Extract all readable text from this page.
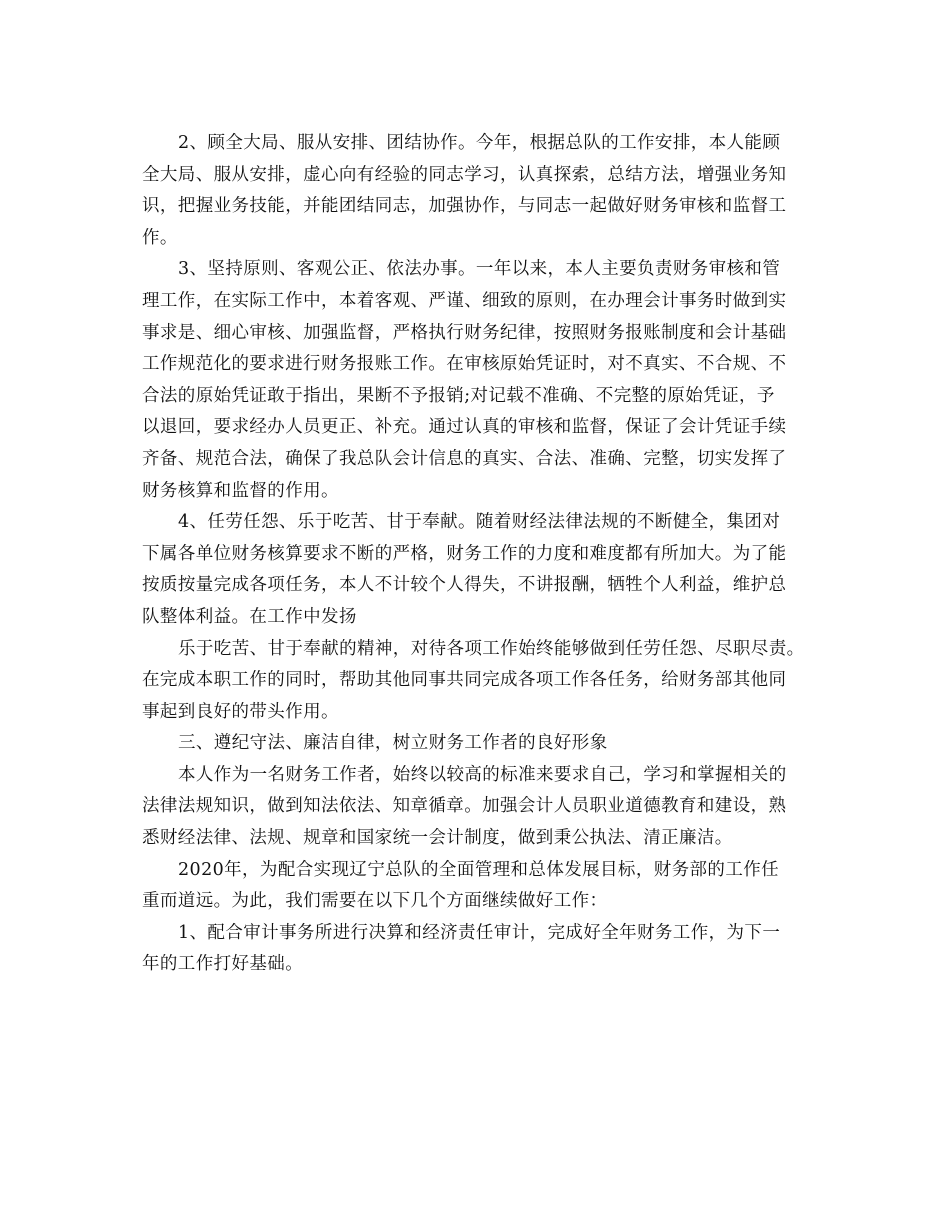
2、顾全大局、服从安排、团结协作。今年，根据总队的工作安排，本人能顾
全大局、服从安排，虚心向有经验的同志学习，认真探索，总结方法，增强业务知
识，把握业务技能，并能团结同志，加强协作，与同志一起做好财务审核和监督工
作。
3、坚持原则、客观公正、依法办事。一年以来，本人主要负责财务审核和管
理工作，在实际工作中，本着客观、严谨、细致的原则，在办理会计事务时做到实
事求是、细心审核、加强监督，严格执行财务纪律，按照财务报账制度和会计基础
工作规范化的要求进行财务报账工作。在审核原始凭证时，对不真实、不合规、不
合法的原始凭证敢于指出，果断不予报销;对记载不准确、不完整的原始凭证，予
以退回，要求经办人员更正、补充。通过认真的审核和监督，保证了会计凭证手续
齐备、规范合法，确保了我总队会计信息的真实、合法、准确、完整，切实发挥了
财务核算和监督的作用。
4、任劳任怨、乐于吃苦、甘于奉献。随着财经法律法规的不断健全，集团对
下属各单位财务核算要求不断的严格，财务工作的力度和难度都有所加大。为了能
按质按量完成各项任务，本人不计较个人得失，不讲报酬，牺牲个人利益，维护总
队整体利益。在工作中发扬
乐于吃苦、甘于奉献的精神，对待各项工作始终能够做到任劳任怨、尽职尽责。
在完成本职工作的同时，帮助其他同事共同完成各项工作各任务，给财务部其他同
事起到良好的带头作用。
三、遵纪守法、廉洁自律，树立财务工作者的良好形象
本人作为一名财务工作者，始终以较高的标准来要求自己，学习和掌握相关的
法律法规知识，做到知法依法、知章循章。加强会计人员职业道德教育和建设，熟
悉财经法律、法规、规章和国家统一会计制度，做到秉公执法、清正廉洁。
2020年，为配合实现辽宁总队的全面管理和总体发展目标，财务部的工作任
重而道远。为此，我们需要在以下几个方面继续做好工作：
1、配合审计事务所进行决算和经济责任审计，完成好全年财务工作，为下一
年的工作打好基础。
